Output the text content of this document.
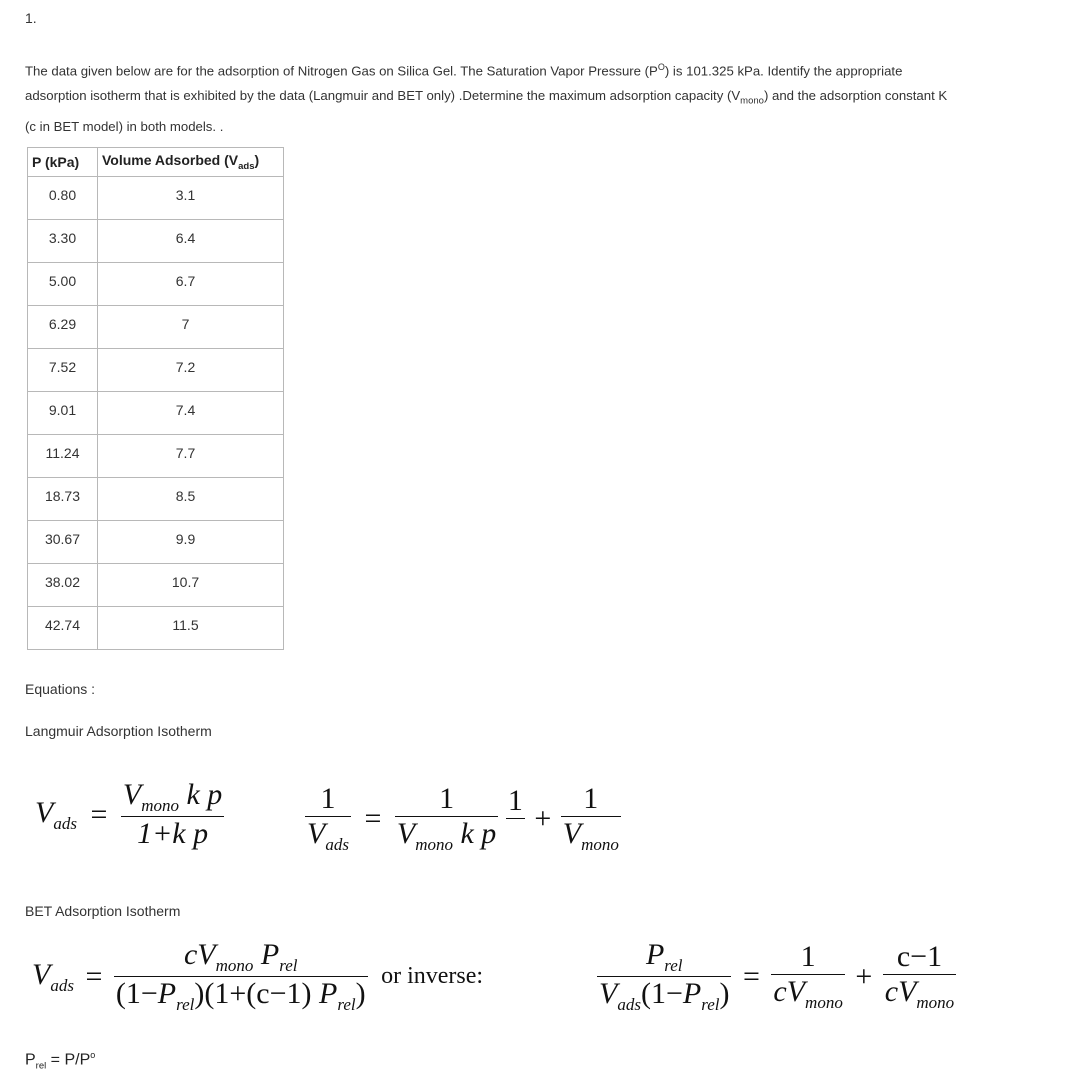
1.

The data given below are for the adsorption of Nitrogen Gas on Silica Gel. The Saturation Vapor Pressure $(P^O)$ is 101.325 kPa. Identify the appropriate

adsorption isotherm that is exhibited by the data (Langmuir and BET only) .Determine the maximum adsorption capacity $(V_{mono})$ and the adsorption constant K

(c in BET model) in both models. .

P (kPa)	Volume Adsorbed $(V_{ads})$
0.80	3.1
3.30	6.4
5.00	6.7
6.29	7
7.52	7.2
9.01	7.4
11.24	7.7
18.73	8.5
30.67	9.9
38.02	10.7
42.74	11.5
Equations :
Langmuir Adsorption Isotherm
$V_{ads} = \frac{V_{mono} k p}{\text{1+k p}}$	$\frac{1}{V_{ads}} = \frac{1}{V_{mono} k p}$
1

+ $\frac{1}{V_{mono}}$
BET Adsorption Isotherm
$V_{ads} = \frac{cV_{mono} P_{rel}}{(1-P_{rel})(1+(c-1) P_{rel})}$ or inverse:	$\frac{P_{rel}}{V_{ads}(1-P_{rel})} = \frac{1}{cV_{mono}} + \frac{c-1}{cV_{mono}}$
$P_{rel} = P/P^o$
